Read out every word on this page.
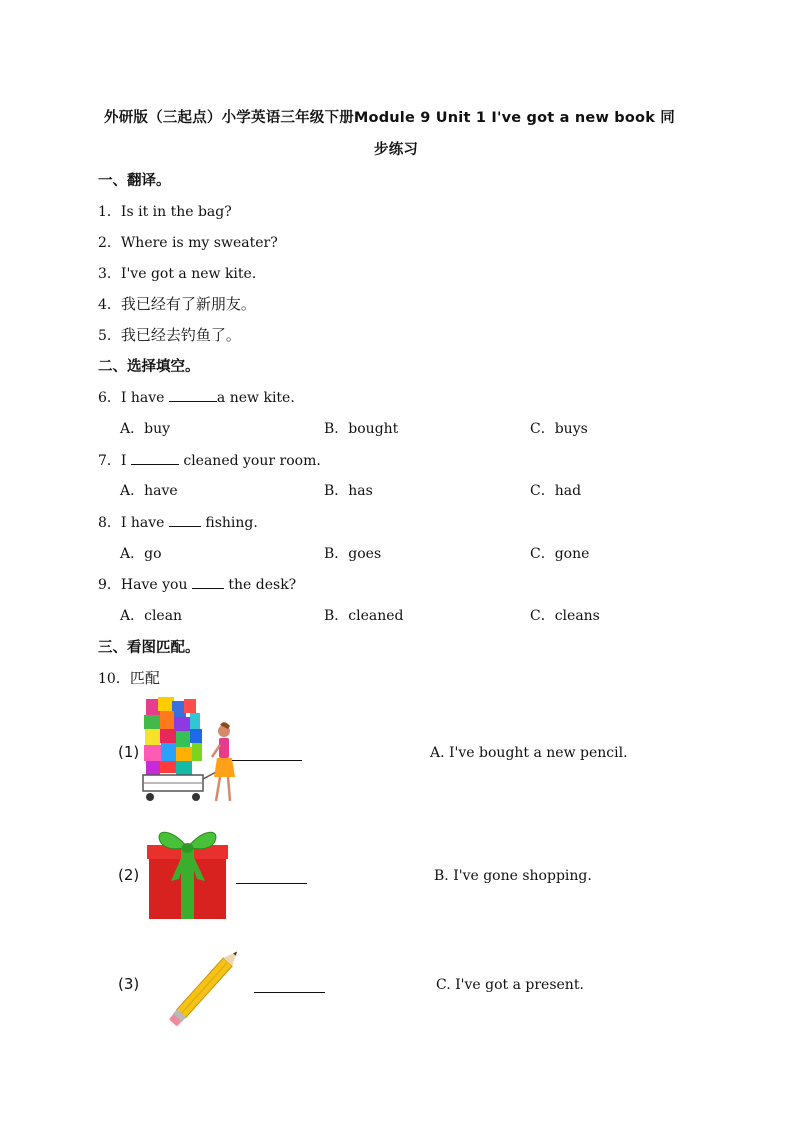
外研版（三起点）小学英语三年级下册Module 9 Unit 1 I've got a new book 同
步练习
一、翻译。
1．Is it in the bag?
2．Where is my sweater?
3．I've got a new kite.
4．我已经有了新朋友。
5．我已经去钓鱼了。
二、选择填空。
6．I have	a new kite.
A．buy	B．bought	C．buys
7．I	cleaned your room.
A．have	B．has	C．had
8．I have  fishing.
A．go	B．goes	C．gone
9．Have you  the desk?
A．clean	B．cleaned	C．cleans
三、看图匹配。
10．匹配
(1)	A. I've bought a new pencil.
(2)	B. I've gone shopping.
(3)	C. I've got a present.
